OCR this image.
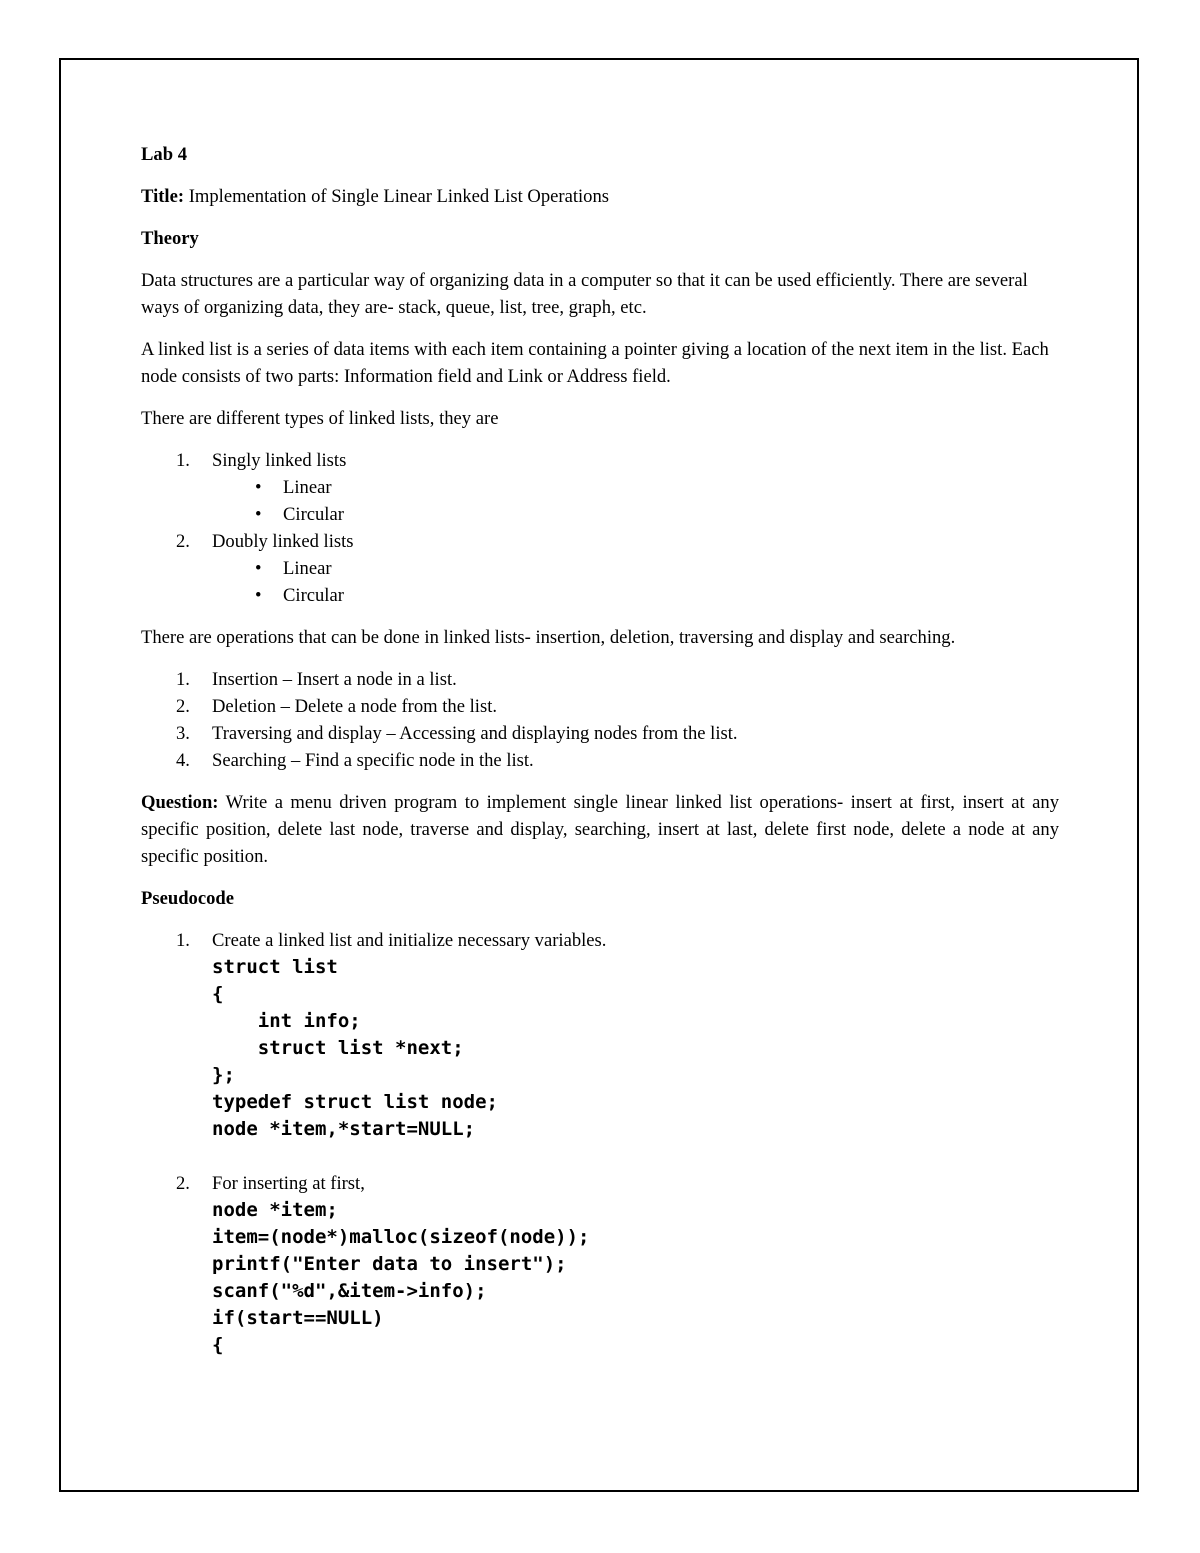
Lab 4

Title: Implementation of Single Linear Linked List Operations

Theory

Data structures are a particular way of organizing data in a computer so that it can be used efficiently. There are several ways of organizing data, they are- stack, queue, list, tree, graph, etc.

A linked list is a series of data items with each item containing a pointer giving a location of the next item in the list. Each node consists of two parts: Information field and Link or Address field.

There are different types of linked lists, they are

1. Singly linked lists
• Linear
• Circular
2. Doubly linked lists
• Linear
• Circular

There are operations that can be done in linked lists- insertion, deletion, traversing and display and searching.

1. Insertion – Insert a node in a list.
2. Deletion – Delete a node from the list.
3. Traversing and display – Accessing and displaying nodes from the list.
4. Searching – Find a specific node in the list.

Question: Write a menu driven program to implement single linear linked list operations- insert at first, insert at any specific position, delete last node, traverse and display, searching, insert at last, delete first node, delete a node at any specific position.

Pseudocode

1. Create a linked list and initialize necessary variables.
struct list
{
int info;
struct list *next;
};
typedef struct list node;
node *item,*start=NULL;
2. For inserting at first,
node *item;
item=(node*)malloc(sizeof(node));
printf("Enter data to insert");
scanf("%d",&item->info);
if(start==NULL)
{
